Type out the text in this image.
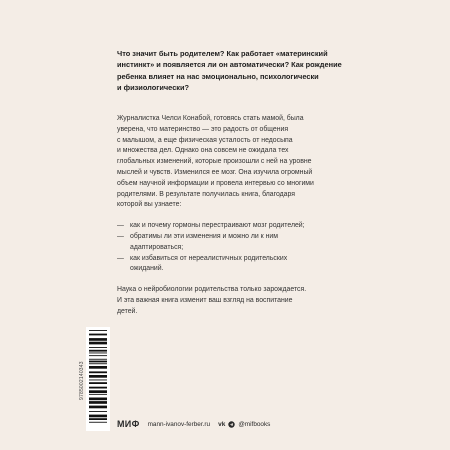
Что значит быть родителем? Как работает «материнский

инстинкт» и появляется ли он автоматически? Как рождение

ребенка влияет на нас эмоционально, психологически

и физиологически?

Журналистка Челси Конабой, готовясь стать мамой, была

уверена, что материнство — это радость от общения

с малышом, а еще физическая усталость от недосыпа

и множества дел. Однако она совсем не ожидала тех

глобальных изменений, которые произошли с ней на уровне

мыслей и чувств. Изменился ее мозг. Она изучила огромный

объем научной информации и провела интервью со многими

родителями. В результате получилась книга, благодаря

которой вы узнаете:

— как и почему гормоны перестраивают мозг родителей;

— обратимы ли эти изменения и можно ли к ним

адаптироваться;

— как избавиться от нереалистичных родительских

ожиданий.

Наука о нейробиологии родительства только зарождается.

И эта важная книга изменит ваш взгляд на воспитание

детей.

9785002140343
МИФ mann-ivanov-ferber.ru vk @mifbooks
